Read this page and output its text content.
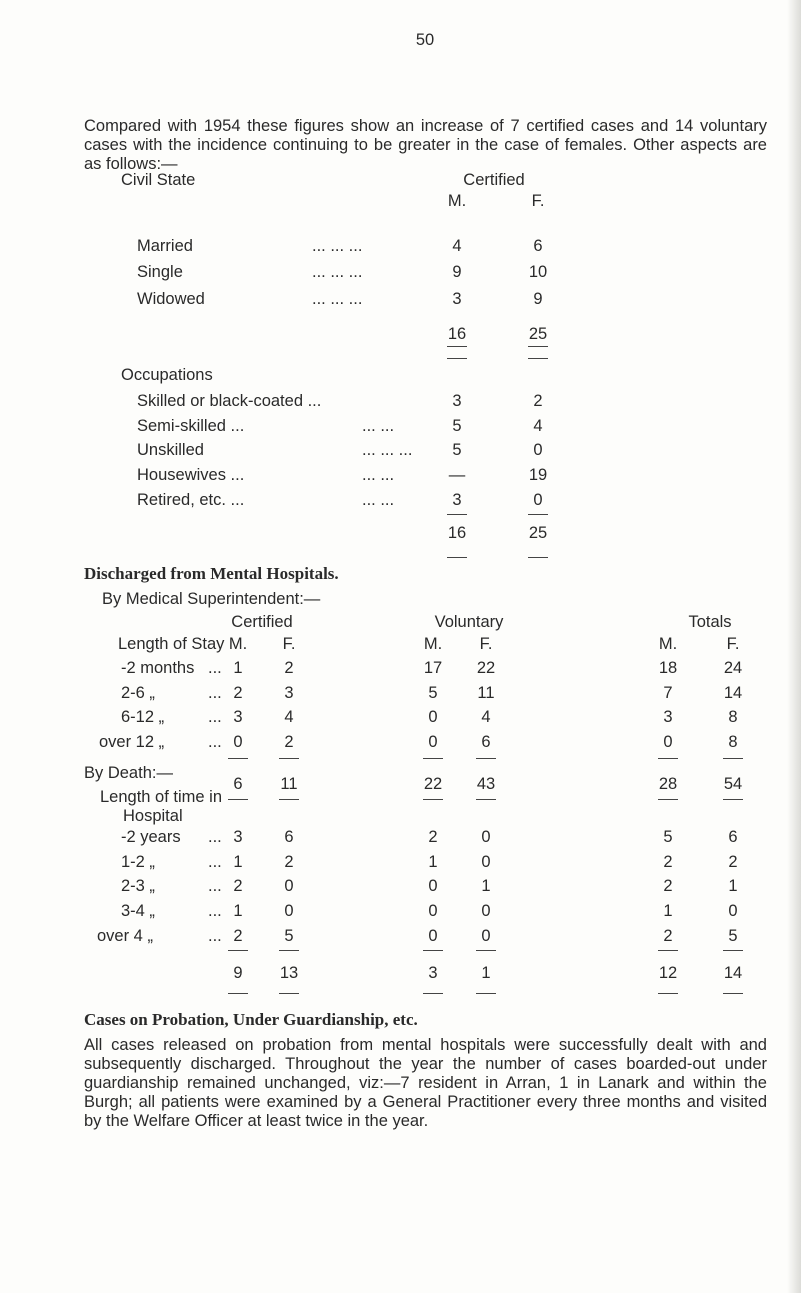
50
Compared with 1954 these figures show an increase of 7 certified cases and 14 voluntary cases with the incidence continuing to be greater in the case of females. Other aspects are as follows:—
Civil State	Certified
M.	F.
Married	... ... ...	4	6
Single	... ... ...	9	10
Widowed	... ... ...	3	9
16	25
Occupations
Skilled or black-coated ...	3	2
Semi-skilled ...	... ...	5	4
Unskilled	... ... ... 5	0
Housewives ...	... ...	—	19
Retired, etc. ...	... ...	3	0
16	25
Discharged from Mental Hospitals.
By Medical Superintendent:—
Certified	Voluntary	Totals
Length of Stay M. F.	M. F.	M.	F.
-2 months ... 1	2	17 22	18	24
2-6 „	... 2	3	5 11	7	14
6-12 „	... 3	4	0	4	3	8
over 12 „	... 0	2	0	6	0	8
6 11	22 43	28	54
By Death:—
Length of time in
Hospital
-2 years ... 3	6	2	0	5	6
1-2 „	... 1	2	1	0	2	2
2-3 „	... 2	0	0	1	2	1
3-4 „	... 1	0	0	0	1	0
over 4 „	... 2	5	0	0	2	5
9 13	3	1	12	14
Cases on Probation, Under Guardianship, etc.
All cases released on probation from mental hospitals were successfully dealt with and subsequently discharged. Throughout the year the number of cases boarded-out under guardianship remained unchanged, viz:—7 resident in Arran, 1 in Lanark and within the Burgh; all patients were examined by a General Practitioner every three months and visited by the Welfare Officer at least twice in the year.
